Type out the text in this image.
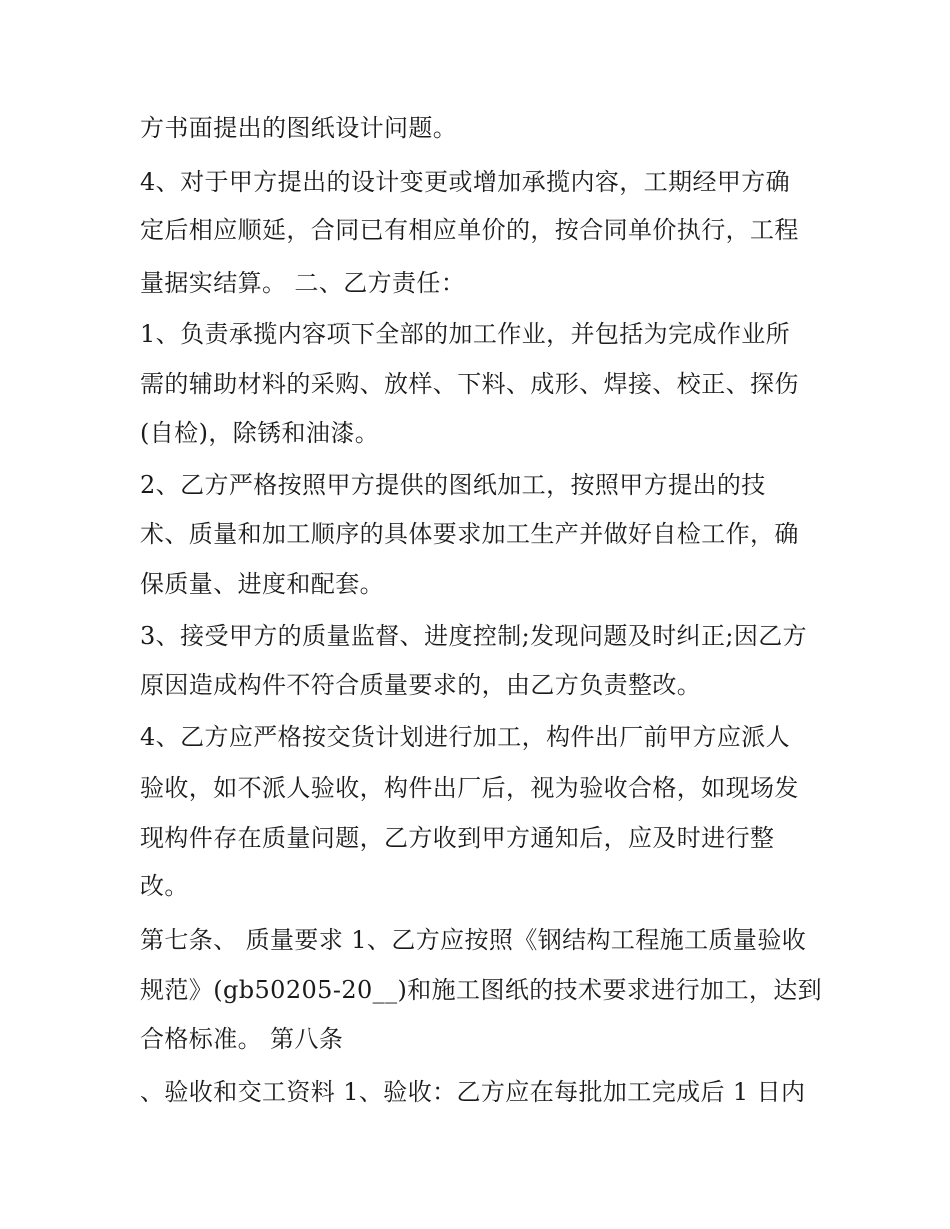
方书面提出的图纸设计问题。
4、对于甲方提出的设计变更或增加承揽内容，工期经甲方确
定后相应顺延，合同已有相应单价的，按合同单价执行，工程
量据实结算。 二、乙方责任：
1、负责承揽内容项下全部的加工作业，并包括为完成作业所
需的辅助材料的采购、放样、下料、成形、焊接、校正、探伤
(自检)，除锈和油漆。
2、乙方严格按照甲方提供的图纸加工，按照甲方提出的技
术、质量和加工顺序的具体要求加工生产并做好自检工作，确
保质量、进度和配套。
3、接受甲方的质量监督、进度控制;发现问题及时纠正;因乙方
原因造成构件不符合质量要求的，由乙方负责整改。
4、乙方应严格按交货计划进行加工，构件出厂前甲方应派人
验收，如不派人验收，构件出厂后，视为验收合格，如现场发
现构件存在质量问题，乙方收到甲方通知后，应及时进行整
改。
第七条、 质量要求 1、乙方应按照《钢结构工程施工质量验收
规范》(gb50205-20__)和施工图纸的技术要求进行加工，达到
合格标准。 第八条
、验收和交工资料 1、验收：乙方应在每批加工完成后 1 日内
